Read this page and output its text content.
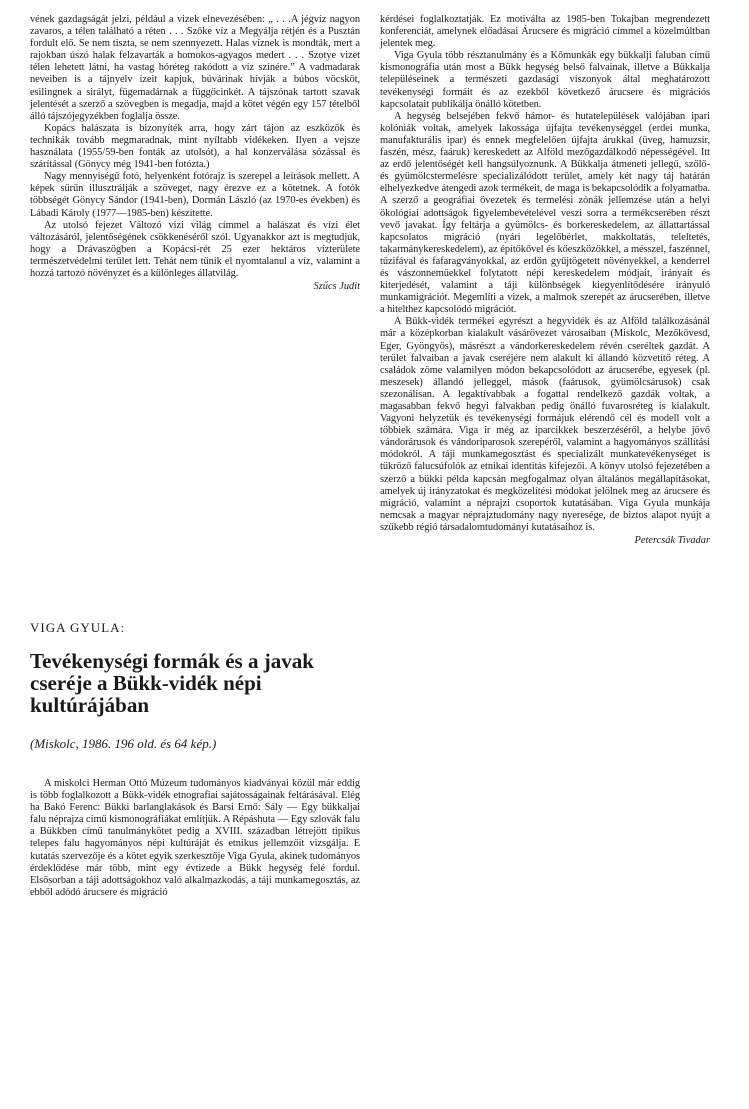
vének gazdagságát jelzi, például a vizek elnevezésében: „ . . .A jégvíz nagyon zavaros, a télen található a réten . . . Szőke víz a Megyálja rétjén és a Pusztán fordult elő. Se nem tiszta, se nem szennyezett. Halas víznek is mondták, mert a rajokban úszó halak felzavarták a homokos-agyagos medert . . . Szotye vizet télen lehetett látni, ha vastag hóréteg rakódott a víz színére.” A vadmadarak neveiben is a tájnyelv ízeit kapjuk, búvárinak hívják a búbos vöcsköt, esilingnek a sirályt, fügemadárnak a függőcinkét. A tájszónak tartott szavak jelentését a szerző a szövegben is megadja, majd a kötet végén egy 157 tételből álló tájszójegyzékben foglalja össze.

Kopács halászata is bizonyíték arra, hogy zárt tájon az eszközök és technikák tovább megmaradnak, mint nyíltabb vidékeken. Ilyen a vejsze használata (1955/59-ben fonták az utolsót), a hal konzerválása sózással és szárítással (Gönycy még 1941-ben fotózta.)

Nagy mennyiségű fotó, helyenként fotórajz is szerepel a leírások mellett. A képek sűrűn illusztrálják a szöveget, nagy érezve ez a kötetnek. A fotók többségét Gönycy Sándor (1941-ben), Dormán László (az 1970-es években) és Lábadi Károly (1977—1985-ben) készítette.

Az utolsó fejezet Változó vízi világ címmel a halászat és vízi élet változásáról, jelentőségének csökkenéséről szól. Ugyanakkor azt is megtudjuk, hogy a Drávaszögben a Kopácsi-rét 25 ezer hektáros vízterülete természetvédelmi terület lett. Tehát nem tűnik el nyomtalanul a víz, valamint a hozzá tartozó növényzet és a különleges állatvilág.

Szűcs Judit

VIGA GYULA:
Tevékenységi formák és a javak cseréje a Bükk-vidék népi kultúrájában
(Miskolc, 1986. 196 old. és 64 kép.)

A miskolci Herman Ottó Múzeum tudományos kiadványai közül már eddig is több foglalkozott a Bükk-vidék etnografiai sajátosságainak feltárásával. Elég ha Bakó Ferenc: Bükki barlanglakások és Barsi Ernő: Sály — Egy bükkaljai falu néprajza című kismonográfiákat említjük. A Répáshuta — Egy szlovák falu a Bükkben című tanulmánykötet pedig a XVIII. században létrejött tipikus telepes falu hagyományos népi kultúráját és etnikus jellemzőit vizsgálja. E kutatás szervezője és a kötet egyik szerkesztője Viga Gyula, akinek tudományos érdeklődése már több, mint egy évtizede a Bükk hegység felé fordul. Elsősorban a táji adottságokhoz való alkalmazkodás, a táji munkamegosztás, az ebből adódó árucsere és migráció

kérdései foglalkoztatják. Ez motiválta az 1985-ben Tokajban megrendezett konferenciát, amelynek előadásai Árucsere és migráció címmel a közelmúltban jelentek meg.

Viga Gyula több résztanulmány és a Kőmunkák egy bükkalji faluban című kismonográfia után most a Bükk hegység belső falvainak, illetve a Bükkalja településeinek a természeti gazdasági viszonyok által meghatározott tevékenységi formáit és az ezekből következő árucsere és migrációs kapcsolatait publikálja önálló kötetben.

A hegység belsejében fekvő hámor- és hutatelepülések valójában ipari kolóniák voltak, amelyek lakossága újfajta tevékenységgel (erdei munka, manufakturális ipar) és ennek megfelelően újfajta árukkal (üveg, hamuzsír, faszén, mész, faáruk) kereskedett az Alföld mezőgazdálkodó népességével. Itt az erdő jelentőségét kell hangsúlyoznunk. A Bükkalja átmeneti jellegű, szőlő- és gyümölcstermelésre specializálódott terület, amely két nagy táj határán elhelyezkedve átengedi azok termékeit, de maga is bekapcsolódik a folyamatba. A szerző a geográfiai övezetek és termelési zónák jellemzése után a helyi ökológiai adottságok figyelembevételével veszi sorra a termékcserében részt vevő javakat. Így feltárja a gyümölcs- és borkereskedelem, az állattartással kapcsolatos migráció (nyári legelőbérlet, makkoltatás, teleltetés, takarmánykereskedelem), az építőkővel és kőeszközökkel, a mésszel, faszénnel, tűzifával és fafaragványokkal, az erdőn gyűjtögetett növényekkel, a kenderrel és vászonneműekkel folytatott népi kereskedelem módjait, irányait és kiterjedését, valamint a táji különbségek kiegyenlítődésére irányuló munkamigrációt. Megemlíti a vizek, a malmok szerepét az árucserében, illetve a hitelthez kapcsolódó migrációt.

A Bükk-vidék termékei egyrészt a hegyvidék és az Alföld találkozásánál már a középkorban kialakult vásárövezet városaiban (Miskolc, Mezőkövesd, Eger, Gyöngyös), másrészt a vándorkereskedelem révén cseréltek gazdát. A terület falvaiban a javak cseréjére nem alakult ki állandó közvetítő réteg. A családok zöme valamilyen módon bekapcsolódott az árucserébe, egyesek (pl. meszesek) állandó jelleggel, mások (faárusok, gyümölcsárusok) csak szezonálisan. A legaktívabbak a fogattal rendelkező gazdák voltak, a magasabban fekvő hegyi falvakban pedig önálló fuvarosréteg is kialakult. Vagyoni helyzetük és tevékenységi formájuk elérendő cél és modell volt a többiek számára. Viga ír még az iparcikkek beszerzéséről, a helybe jövő vándorárusok és vándoriparosok szerepéről, valamint a hagyományos szállítási módokról. A táji munkamegosztást és specializált munkatevékenységet is tükröző falucsúfolók az etnikai identitás kifejezői. A könyv utolsó fejezetében a szerző a bükki példa kapcsán megfogalmaz olyan általános megállapításokat, amelyek új irányzatokat és megközelítési módokat jelölnek meg az árucsere és migráció, valamint a néprajzi csoportok kutatásában. Viga Gyula munkája nemcsak a magyar néprajztudomány nagy nyeresége, de biztos alapot nyújt a szűkebb régió társadalomtudományi kutatásaihoz is.

Petercsák Tivadar
